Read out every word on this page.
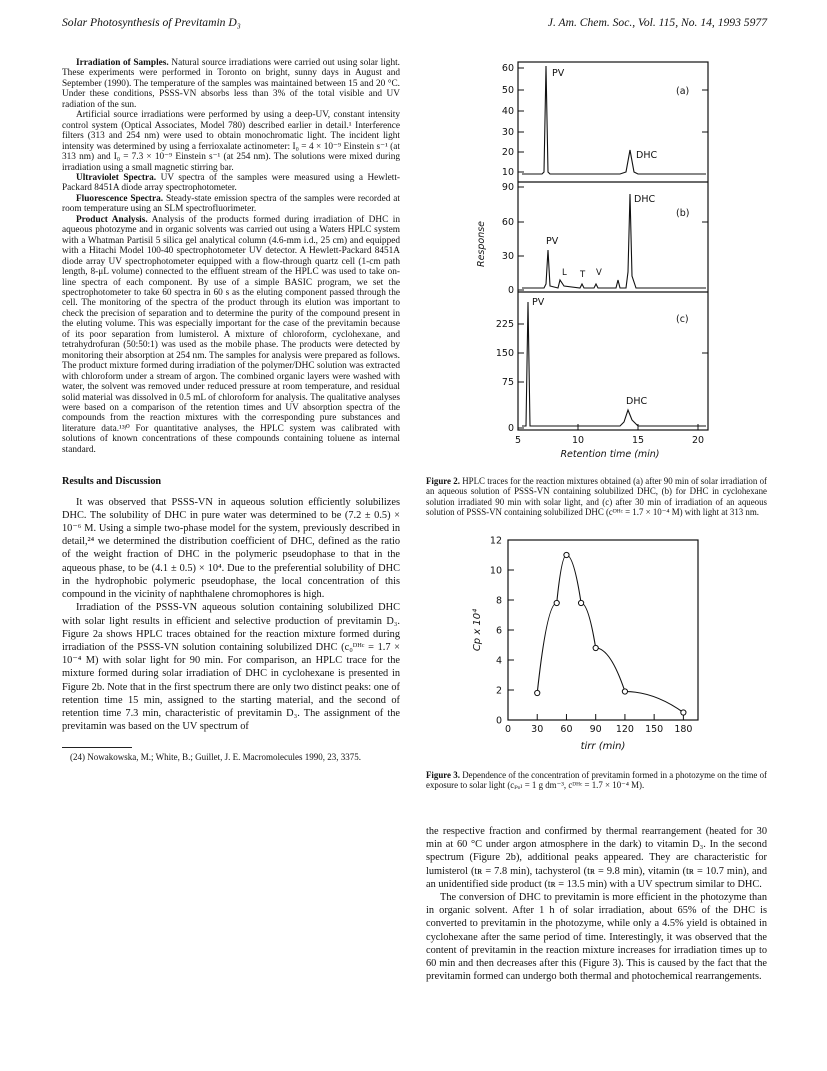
Solar Photosynthesis of Previtamin D₃	J. Am. Chem. Soc., Vol. 115, No. 14, 1993 5977

Irradiation of Samples. Natural source irradiations were carried out using solar light. These experiments were performed in Toronto on bright, sunny days in August and September (1990). The temperature of the samples was maintained between 15 and 20 °C. Under these conditions, PSSS-VN absorbs less than 3% of the total visible and UV radiation of the sun.

Artificial source irradiations were performed by using a deep-UV, constant intensity control system (Optical Associates, Model 780) described earlier in detail.¹ Interference filters (313 and 254 nm) were used to obtain monochromatic light. The incident light intensity was determined by using a ferrioxalate actinometer: I₀ = 4 × 10⁻⁹ Einstein s⁻¹ (at 313 nm) and I₀ = 7.3 × 10⁻⁹ Einstein s⁻¹ (at 254 nm). The solutions were mixed during irradiation using a small magnetic stirring bar.

Ultraviolet Spectra. UV spectra of the samples were measured using a Hewlett-Packard 8451A diode array spectrophotometer.

Fluorescence Spectra. Steady-state emission spectra of the samples were recorded at room temperature using an SLM spectrofluorimeter.

Product Analysis. Analysis of the products formed during irradiation of DHC in aqueous photozyme and in organic solvents was carried out using a Waters HPLC system with a Whatman Partisil 5 silica gel analytical column (4.6-mm i.d., 25 cm) and equipped with a Hitachi Model 100-40 spectrophotometer UV detector. A Hewlett-Packard 8451A diode array UV spectrophotometer equipped with a flow-through quartz cell (1-cm path length, 8-μL volume) connected to the effluent stream of the HPLC was used to take on-line spectra of each component. By use of a simple BASIC program, we set the spectrophotometer to take 60 spectra in 60 s as the eluting component passed through the cell. The monitoring of the spectra of the product through its elution was important to check the precision of separation and to determine the purity of the compound present in the eluting volume. This was especially important for the case of the previtamin because of its poor separation from lumisterol. A mixture of chloroform, cyclohexane, and tetrahydrofuran (50:50:1) was used as the mobile phase. The products were detected by monitoring their absorption at 254 nm. The samples for analysis were prepared as follows. The product mixture formed during irradiation of the polymer/DHC solution was extracted with chloroform under a stream of argon. The combined organic layers were washed with water, the solvent was removed under reduced pressure at room temperature, and residual solid material was dissolved in 0.5 mL of chloroform for analysis. The qualitative analyses were based on a comparison of the retention times and UV absorption spectra of the compounds from the reaction mixtures with the corresponding pure substances and literature data.¹³ʲ⁰ For quantitative analyses, the HPLC system was calibrated with solutions of known concentrations of these compounds containing toluene as internal standard.

Results and Discussion

It was observed that PSSS-VN in aqueous solution efficiently solubilizes DHC. The solubility of DHC in pure water was determined to be (7.2 ± 0.5) × 10⁻⁶ M. Using a simple two-phase model for the system, previously described in detail,²⁴ we determined the distribution coefficient of DHC, defined as the ratio of the weight fraction of DHC in the polymeric pseudophase to that in the aqueous phase, to be (4.1 ± 0.5) × 10⁴. Due to the preferential solubility of DHC in the hydrophobic polymeric pseudophase, the local concentration of this compound in the vicinity of naphthalene chromophores is high.

Irradiation of the PSSS-VN aqueous solution containing solubilized DHC with solar light results in efficient and selective production of previtamin D₃. Figure 2a shows HPLC traces obtained for the reaction mixture formed during irradiation of the PSSS-VN solution containing solubilized DHC (c₀ᴰᴴᶜ = 1.7 × 10⁻⁴ M) with solar light for 90 min. For comparison, an HPLC trace for the mixture formed during solar irradiation of DHC in cyclohexane is presented in Figure 2b. Note that in the first spectrum there are only two distinct peaks: one of retention time 15 min, assigned to the starting material, and the second of retention time 7.3 min, characteristic of previtamin D₃. The assignment of the previtamin was based on the UV spectrum of

(24) Nowakowska, M.; White, B.; Guillet, J. E. Macromolecules 1990, 23, 3375.

60
50
40
30
20
10
90
60
30
0
225
150
75
0
5	10	15	20
Retention time (min)
Response
PV
DHC
(a)
DHC
PV
L T V
(b)
PV
DHC
(c)
Figure 2. HPLC traces for the reaction mixtures obtained (a) after 90 min of solar irradiation of an aqueous solution of PSSS-VN containing solubilized DHC, (b) for DHC in cyclohexane solution irradiated 90 min with solar light, and (c) after 30 min of irradiation of an aqueous solution of PSSS-VN containing solubilized DHC (cᴰᴴᶜ = 1.7 × 10⁻⁴ M) with light at 313 nm.
0
2
4
6
8
10
12
0 30 60 90 120 150 180
Cp x 10⁴
tirr (min)
Figure 3. Dependence of the concentration of previtamin formed in a photozyme on the time of exposure to solar light (cₚₒₗ = 1 g dm⁻³, cᴰᴴᶜ = 1.7 × 10⁻⁴ M).

the respective fraction and confirmed by thermal rearrangement (heated for 30 min at 60 °C under argon atmosphere in the dark) to vitamin D₃. In the second spectrum (Figure 2b), additional peaks appeared. They are characteristic for lumisterol (tʀ = 7.8 min), tachysterol (tʀ = 9.8 min), vitamin (tʀ = 10.7 min), and an unidentified side product (tʀ = 13.5 min) with a UV spectrum similar to DHC.

The conversion of DHC to previtamin is more efficient in the photozyme than in organic solvent. After 1 h of solar irradiation, about 65% of the DHC is converted to previtamin in the photozyme, while only a 4.5% yield is obtained in cyclohexane after the same period of time. Interestingly, it was observed that the content of previtamin in the reaction mixture increases for irradiation times up to 60 min and then decreases after this (Figure 3). This is caused by the fact that the previtamin formed can undergo both thermal and photochemical rearrangements.
